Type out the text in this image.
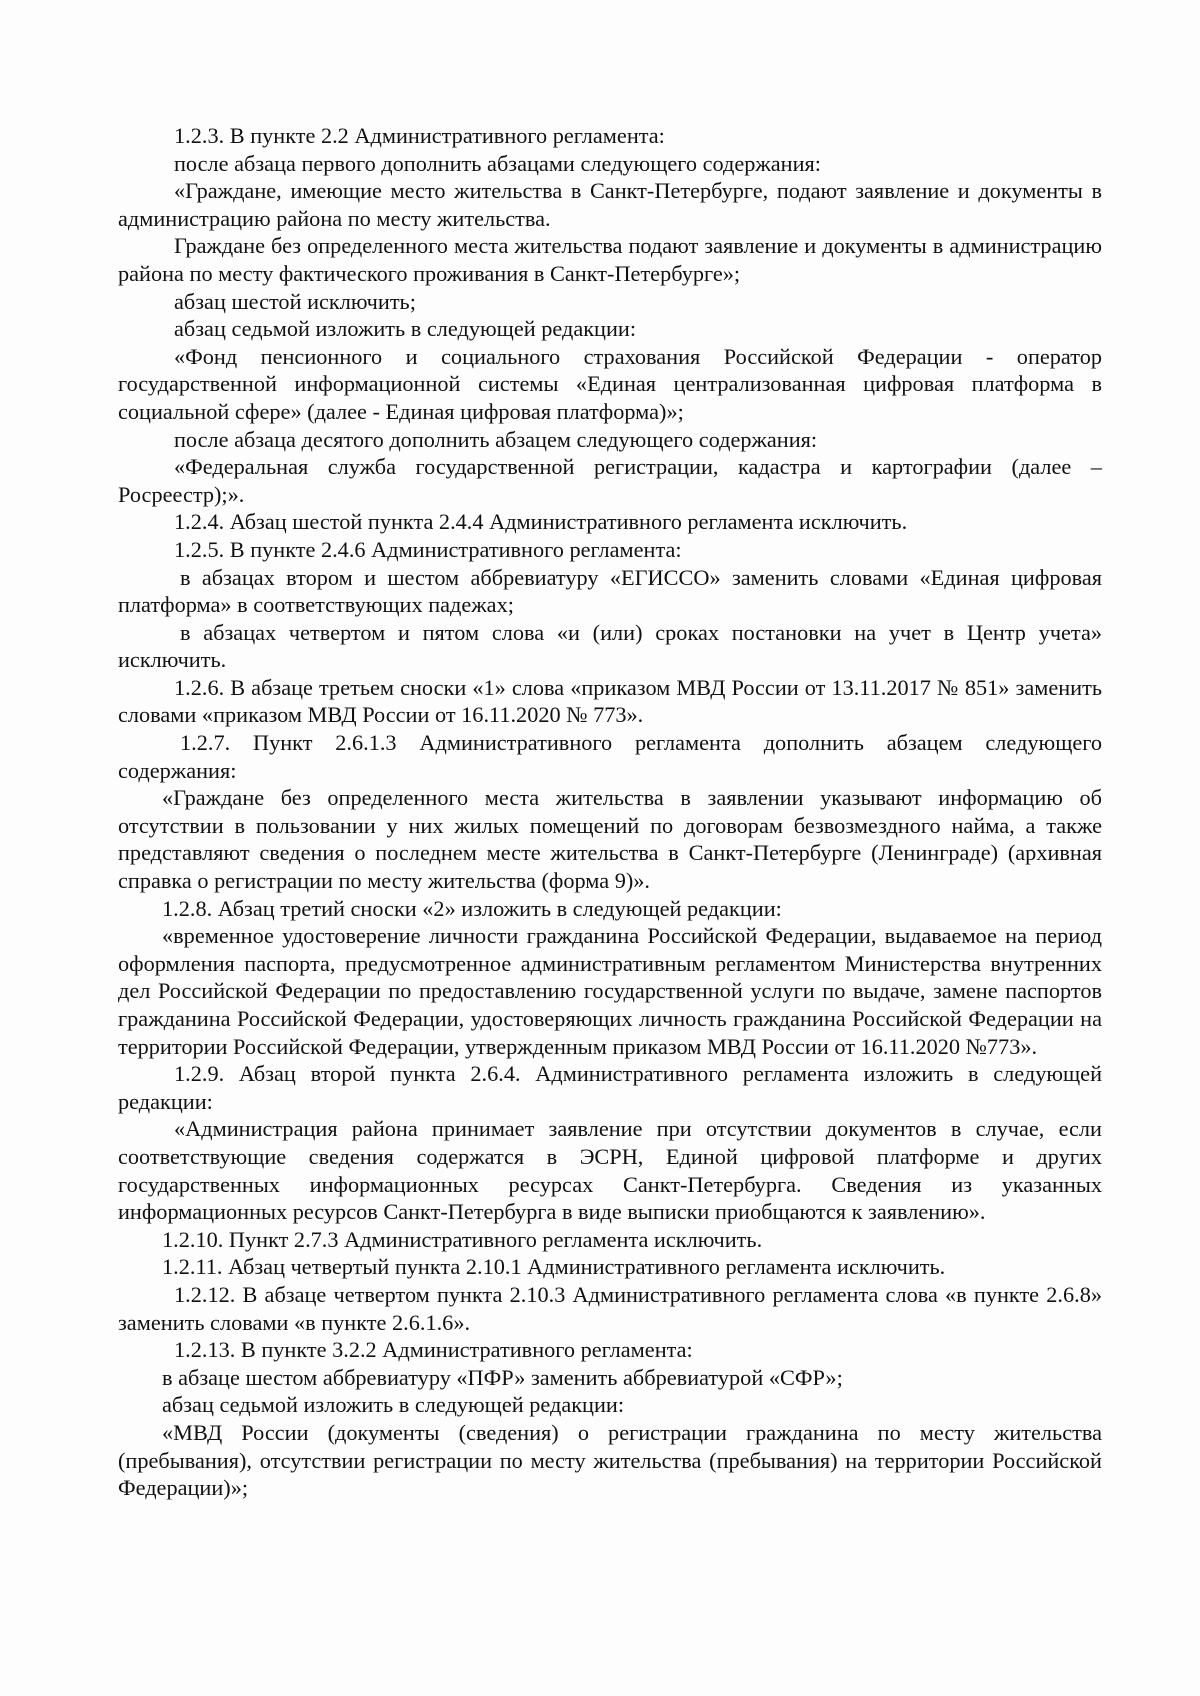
1.2.3. В пункте 2.2 Административного регламента:

после абзаца первого дополнить абзацами следующего содержания:

«Граждане, имеющие место жительства в Санкт-Петербурге, подают заявление и документы в администрацию района по месту жительства.

Граждане без определенного места жительства подают заявление и документы в администрацию района по месту фактического проживания в Санкт-Петербурге»;

абзац шестой исключить;

абзац седьмой изложить в следующей редакции:

«Фонд пенсионного и социального страхования Российской Федерации - оператор государственной информационной системы «Единая централизованная цифровая платформа в социальной сфере» (далее - Единая цифровая платформа)»;

после абзаца десятого дополнить абзацем следующего содержания:

«Федеральная служба государственной регистрации, кадастра и картографии (далее – Росреестр);».

1.2.4. Абзац шестой пункта 2.4.4 Административного регламента исключить.

1.2.5. В пункте 2.4.6 Административного регламента:

в абзацах втором и шестом аббревиатуру «ЕГИССО» заменить словами «Единая цифровая платформа» в соответствующих падежах;

в абзацах четвертом и пятом слова «и (или) сроках постановки на учет в Центр учета» исключить.

1.2.6. В абзаце третьем сноски «1» слова «приказом МВД России от 13.11.2017 № 851» заменить словами «приказом МВД России от 16.11.2020 № 773».

1.2.7. Пункт 2.6.1.3 Административного регламента дополнить абзацем следующего содержания:

«Граждане без определенного места жительства в заявлении указывают информацию об отсутствии в пользовании у них жилых помещений по договорам безвозмездного найма, а также представляют сведения о последнем месте жительства в Санкт-Петербурге (Ленинграде) (архивная справка о регистрации по месту жительства (форма 9)».

1.2.8. Абзац третий сноски «2» изложить в следующей редакции:

«временное удостоверение личности гражданина Российской Федерации, выдаваемое на период оформления паспорта, предусмотренное административным регламентом Министерства внутренних дел Российской Федерации по предоставлению государственной услуги по выдаче, замене паспортов гражданина Российской Федерации, удостоверяющих личность гражданина Российской Федерации на территории Российской Федерации, утвержденным приказом МВД России от 16.11.2020 №773».

1.2.9. Абзац второй пункта 2.6.4. Административного регламента изложить в следующей редакции:

«Администрация района принимает заявление при отсутствии документов в случае, если соответствующие сведения содержатся в ЭСРН, Единой цифровой платформе и других государственных информационных ресурсах Санкт-Петербурга. Сведения из указанных информационных ресурсов Санкт-Петербурга в виде выписки приобщаются к заявлению».

1.2.10. Пункт 2.7.3 Административного регламента исключить.

1.2.11. Абзац четвертый пункта 2.10.1 Административного регламента исключить.

1.2.12. В абзаце четвертом пункта 2.10.3 Административного регламента слова «в пункте 2.6.8» заменить словами «в пункте 2.6.1.6».

1.2.13. В пункте 3.2.2 Административного регламента:

в абзаце шестом аббревиатуру «ПФР» заменить аббревиатурой «СФР»;

абзац седьмой изложить в следующей редакции:

«МВД России (документы (сведения) о регистрации гражданина по месту жительства (пребывания), отсутствии регистрации по месту жительства (пребывания) на территории Российской Федерации)»;
